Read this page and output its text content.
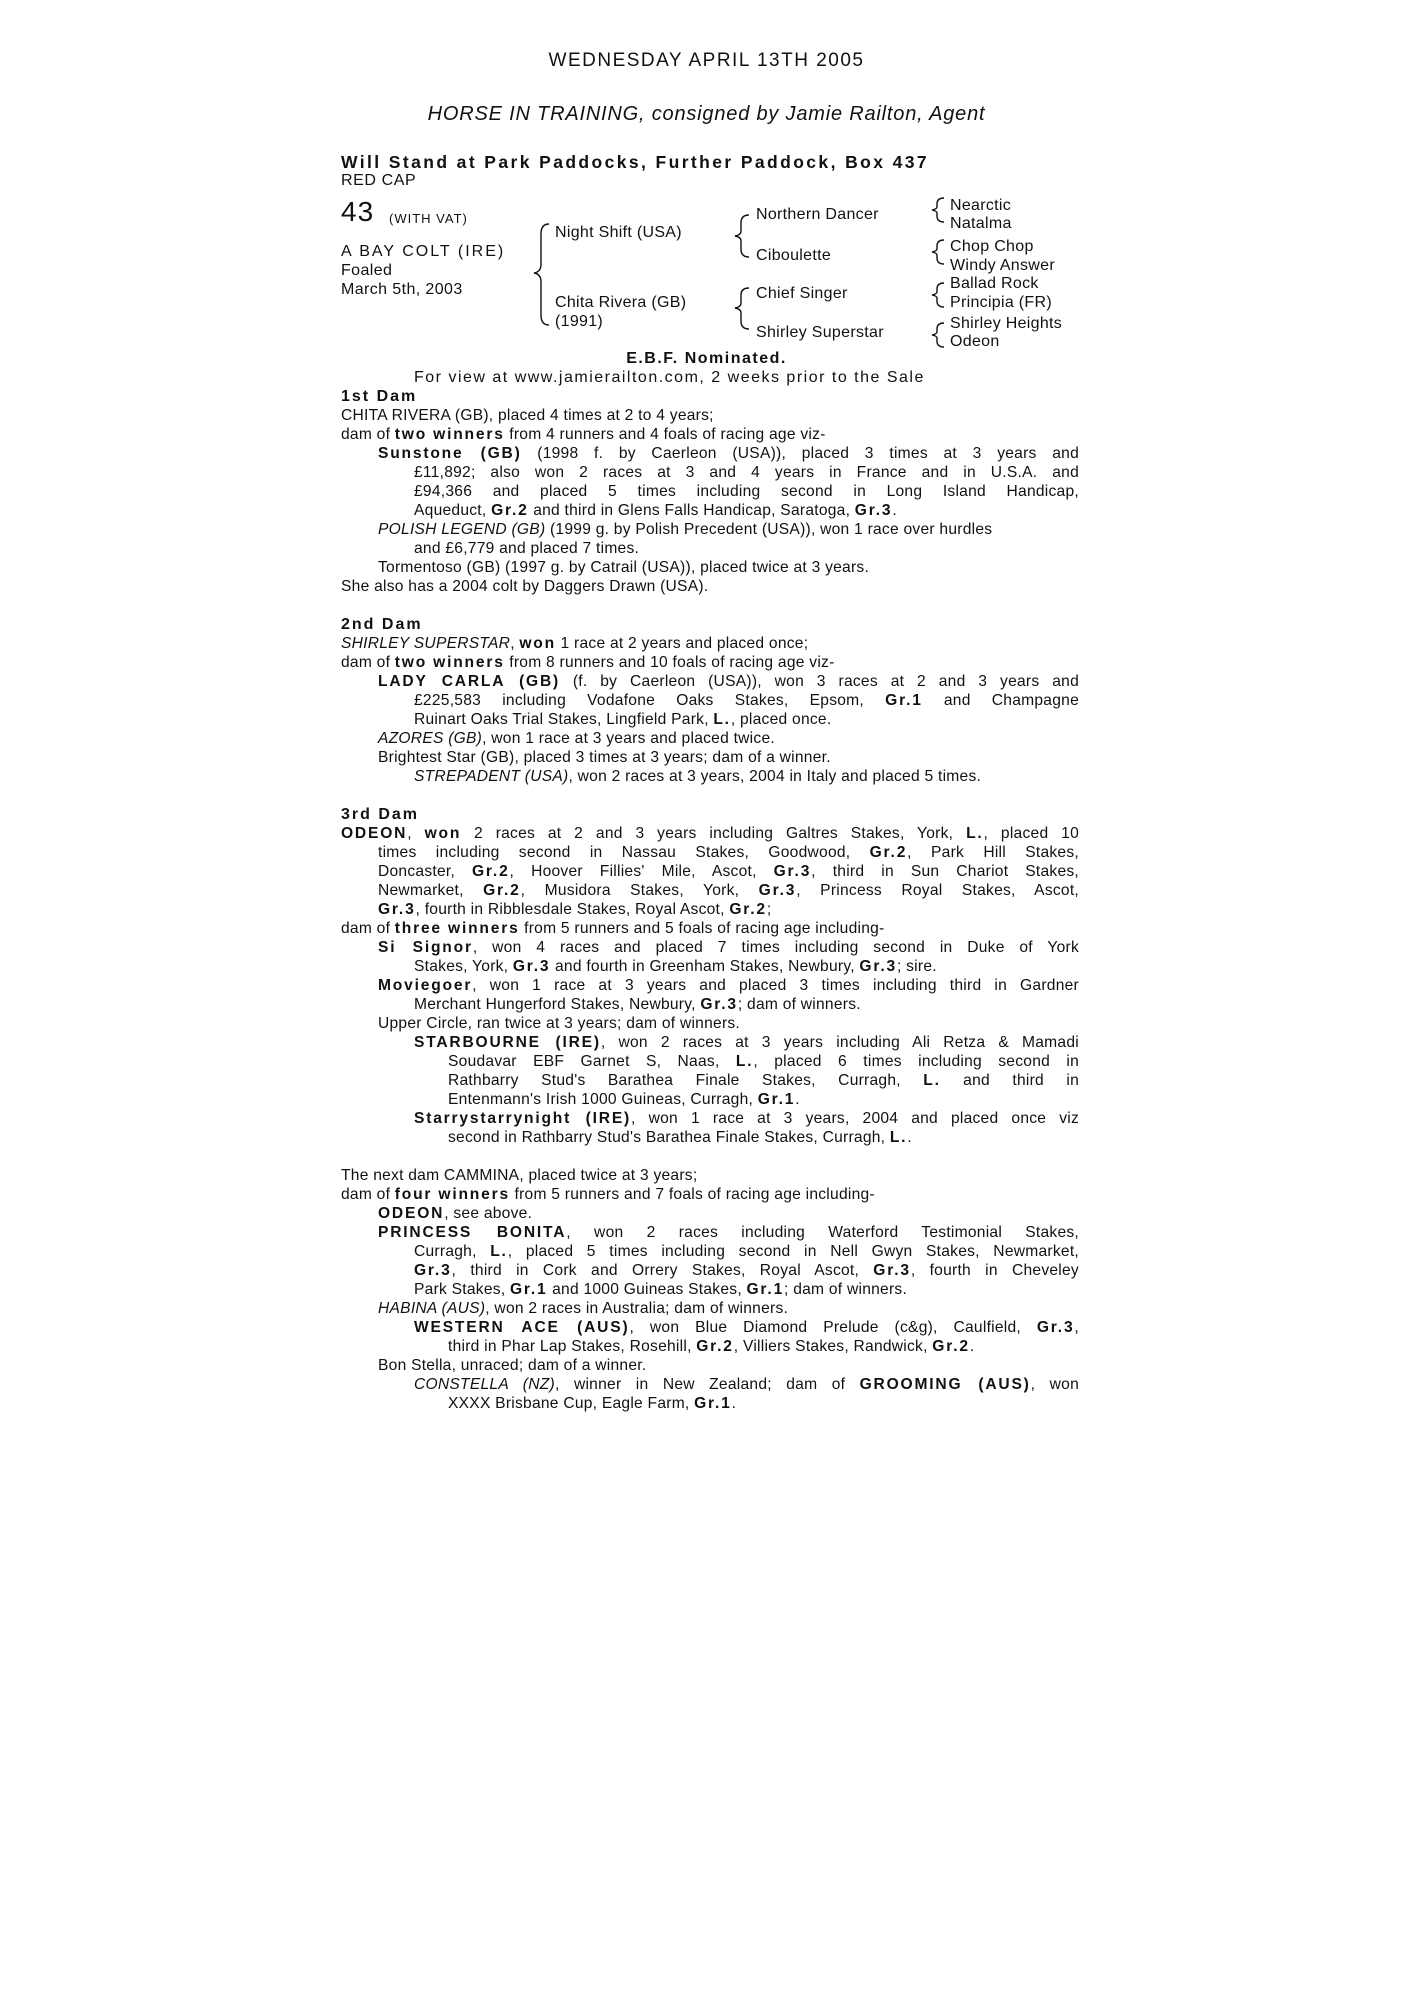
WEDNESDAY APRIL 13TH 2005
HORSE IN TRAINING, consigned by Jamie Railton, Agent
Will Stand at Park Paddocks, Further Paddock, Box 437
RED CAP
43 (WITH VAT)
A BAY COLT (IRE)
Foaled
March 5th, 2003
Night Shift (USA)
Chita Rivera (GB)
(1991)
Northern Dancer
Ciboulette
Chief Singer
Shirley Superstar
Nearctic
Natalma
Chop Chop
Windy Answer
Ballad Rock
Principia (FR)
Shirley Heights
Odeon
E.B.F. Nominated.
For view at www.jamierailton.com, 2 weeks prior to the Sale
1st Dam
CHITA RIVERA (GB), placed 4 times at 2 to 4 years;
dam of two winners from 4 runners and 4 foals of racing age viz-
Sunstone (GB) (1998 f. by Caerleon (USA)), placed 3 times at 3 years and
£11,892; also won 2 races at 3 and 4 years in France and in U.S.A. and
£94,366 and placed 5 times including second in Long Island Handicap,
Aqueduct, Gr.2 and third in Glens Falls Handicap, Saratoga, Gr.3.
POLISH LEGEND (GB) (1999 g. by Polish Precedent (USA)), won 1 race over hurdles
and £6,779 and placed 7 times.
Tormentoso (GB) (1997 g. by Catrail (USA)), placed twice at 3 years.
She also has a 2004 colt by Daggers Drawn (USA).
2nd Dam
SHIRLEY SUPERSTAR, won 1 race at 2 years and placed once;
dam of two winners from 8 runners and 10 foals of racing age viz-
LADY CARLA (GB) (f. by Caerleon (USA)), won 3 races at 2 and 3 years and
£225,583 including Vodafone Oaks Stakes, Epsom, Gr.1 and Champagne
Ruinart Oaks Trial Stakes, Lingfield Park, L., placed once.
AZORES (GB), won 1 race at 3 years and placed twice.
Brightest Star (GB), placed 3 times at 3 years; dam of a winner.
STREPADENT (USA), won 2 races at 3 years, 2004 in Italy and placed 5 times.
3rd Dam
ODEON, won 2 races at 2 and 3 years including Galtres Stakes, York, L., placed 10
times including second in Nassau Stakes, Goodwood, Gr.2, Park Hill Stakes,
Doncaster, Gr.2, Hoover Fillies' Mile, Ascot, Gr.3, third in Sun Chariot Stakes,
Newmarket, Gr.2, Musidora Stakes, York, Gr.3, Princess Royal Stakes, Ascot,
Gr.3, fourth in Ribblesdale Stakes, Royal Ascot, Gr.2;
dam of three winners from 5 runners and 5 foals of racing age including-
Si Signor, won 4 races and placed 7 times including second in Duke of York
Stakes, York, Gr.3 and fourth in Greenham Stakes, Newbury, Gr.3; sire.
Moviegoer, won 1 race at 3 years and placed 3 times including third in Gardner
Merchant Hungerford Stakes, Newbury, Gr.3; dam of winners.
Upper Circle, ran twice at 3 years; dam of winners.
STARBOURNE (IRE), won 2 races at 3 years including Ali Retza & Mamadi
Soudavar EBF Garnet S, Naas, L., placed 6 times including second in
Rathbarry Stud's Barathea Finale Stakes, Curragh, L. and third in
Entenmann's Irish 1000 Guineas, Curragh, Gr.1.
Starrystarrynight (IRE), won 1 race at 3 years, 2004 and placed once viz
second in Rathbarry Stud's Barathea Finale Stakes, Curragh, L..
The next dam CAMMINA, placed twice at 3 years;
dam of four winners from 5 runners and 7 foals of racing age including-
ODEON, see above.
PRINCESS BONITA, won 2 races including Waterford Testimonial Stakes,
Curragh, L., placed 5 times including second in Nell Gwyn Stakes, Newmarket,
Gr.3, third in Cork and Orrery Stakes, Royal Ascot, Gr.3, fourth in Cheveley
Park Stakes, Gr.1 and 1000 Guineas Stakes, Gr.1; dam of winners.
HABINA (AUS), won 2 races in Australia; dam of winners.
WESTERN ACE (AUS), won Blue Diamond Prelude (c&g), Caulfield, Gr.3,
third in Phar Lap Stakes, Rosehill, Gr.2, Villiers Stakes, Randwick, Gr.2.
Bon Stella, unraced; dam of a winner.
CONSTELLA (NZ), winner in New Zealand; dam of GROOMING (AUS), won
XXXX Brisbane Cup, Eagle Farm, Gr.1.
